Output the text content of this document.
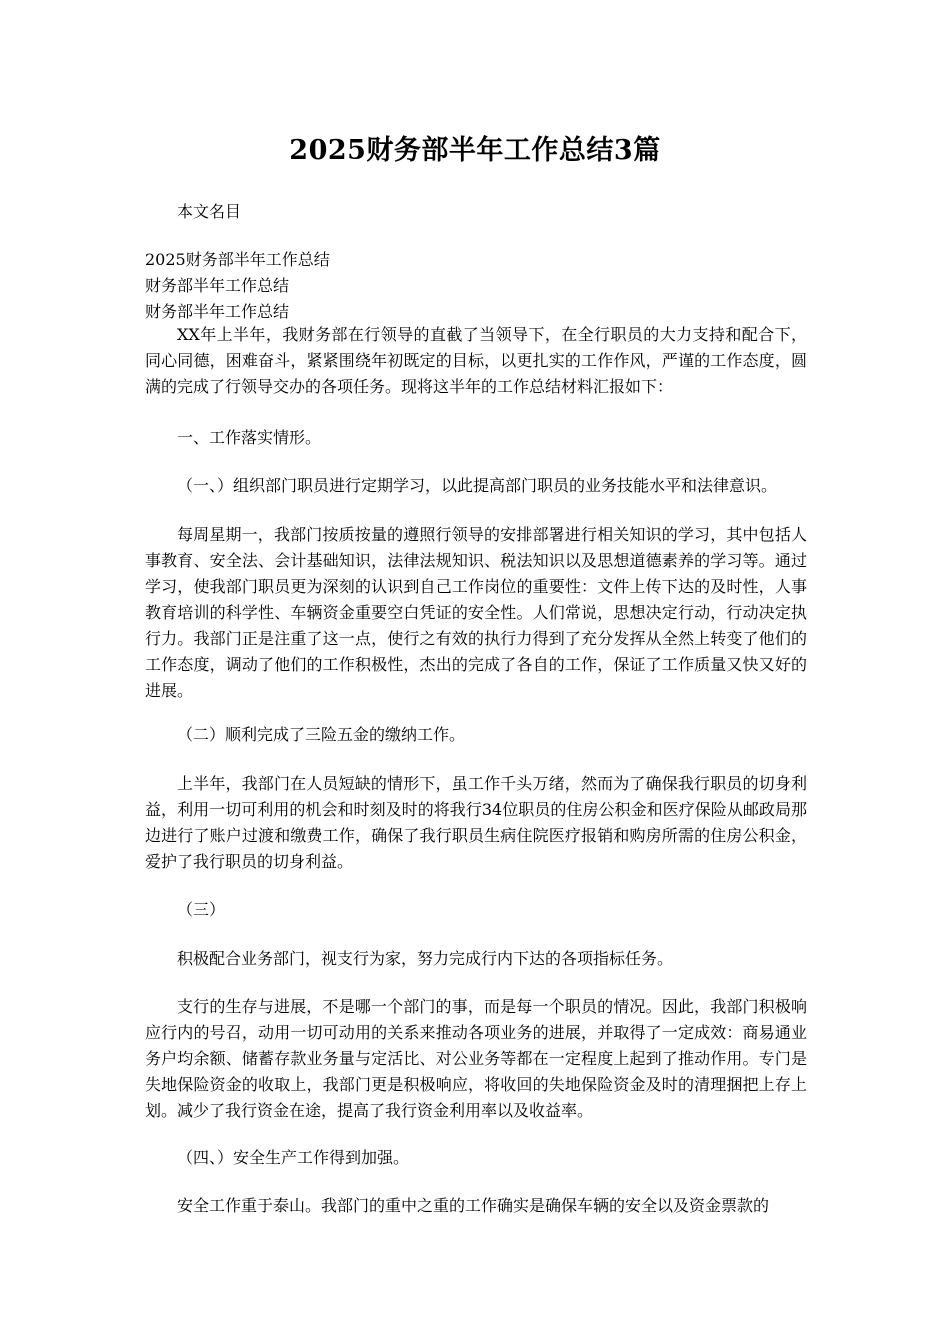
2025财务部半年工作总结3篇
本文名目
2025财务部半年工作总结
财务部半年工作总结
财务部半年工作总结
XX年上半年，我财务部在行领导的直截了当领导下，在全行职员的大力支持和配合下，同心同德，困难奋斗，紧紧围绕年初既定的目标，以更扎实的工作作风，严谨的工作态度，圆满的完成了行领导交办的各项任务。现将这半年的工作总结材料汇报如下：
一、工作落实情形。
（一、）组织部门职员进行定期学习，以此提高部门职员的业务技能水平和法律意识。
每周星期一，我部门按质按量的遵照行领导的安排部署进行相关知识的学习，其中包括人事教育、安全法、会计基础知识，法律法规知识、税法知识以及思想道德素养的学习等。通过学习，使我部门职员更为深刻的认识到自己工作岗位的重要性：文件上传下达的及时性，人事教育培训的科学性、车辆资金重要空白凭证的安全性。人们常说，思想决定行动，行动决定执行力。我部门正是注重了这一点，使行之有效的执行力得到了充分发挥从全然上转变了他们的工作态度，调动了他们的工作积极性，杰出的完成了各自的工作，保证了工作质量又快又好的进展。
（二）顺利完成了三险五金的缴纳工作。
上半年，我部门在人员短缺的情形下，虽工作千头万绪，然而为了确保我行职员的切身利益，利用一切可利用的机会和时刻及时的将我行34位职员的住房公积金和医疗保险从邮政局那边进行了账户过渡和缴费工作，确保了我行职员生病住院医疗报销和购房所需的住房公积金，爱护了我行职员的切身利益。
（三）
积极配合业务部门，视支行为家，努力完成行内下达的各项指标任务。
支行的生存与进展，不是哪一个部门的事，而是每一个职员的情况。因此，我部门积极响应行内的号召，动用一切可动用的关系来推动各项业务的进展，并取得了一定成效：商易通业务户均余额、储蓄存款业务量与定活比、对公业务等都在一定程度上起到了推动作用。专门是失地保险资金的收取上，我部门更是积极响应，将收回的失地保险资金及时的清理捆把上存上划。减少了我行资金在途，提高了我行资金利用率以及收益率。
（四、）安全生产工作得到加强。
安全工作重于泰山。我部门的重中之重的工作确实是确保车辆的安全以及资金票款的
